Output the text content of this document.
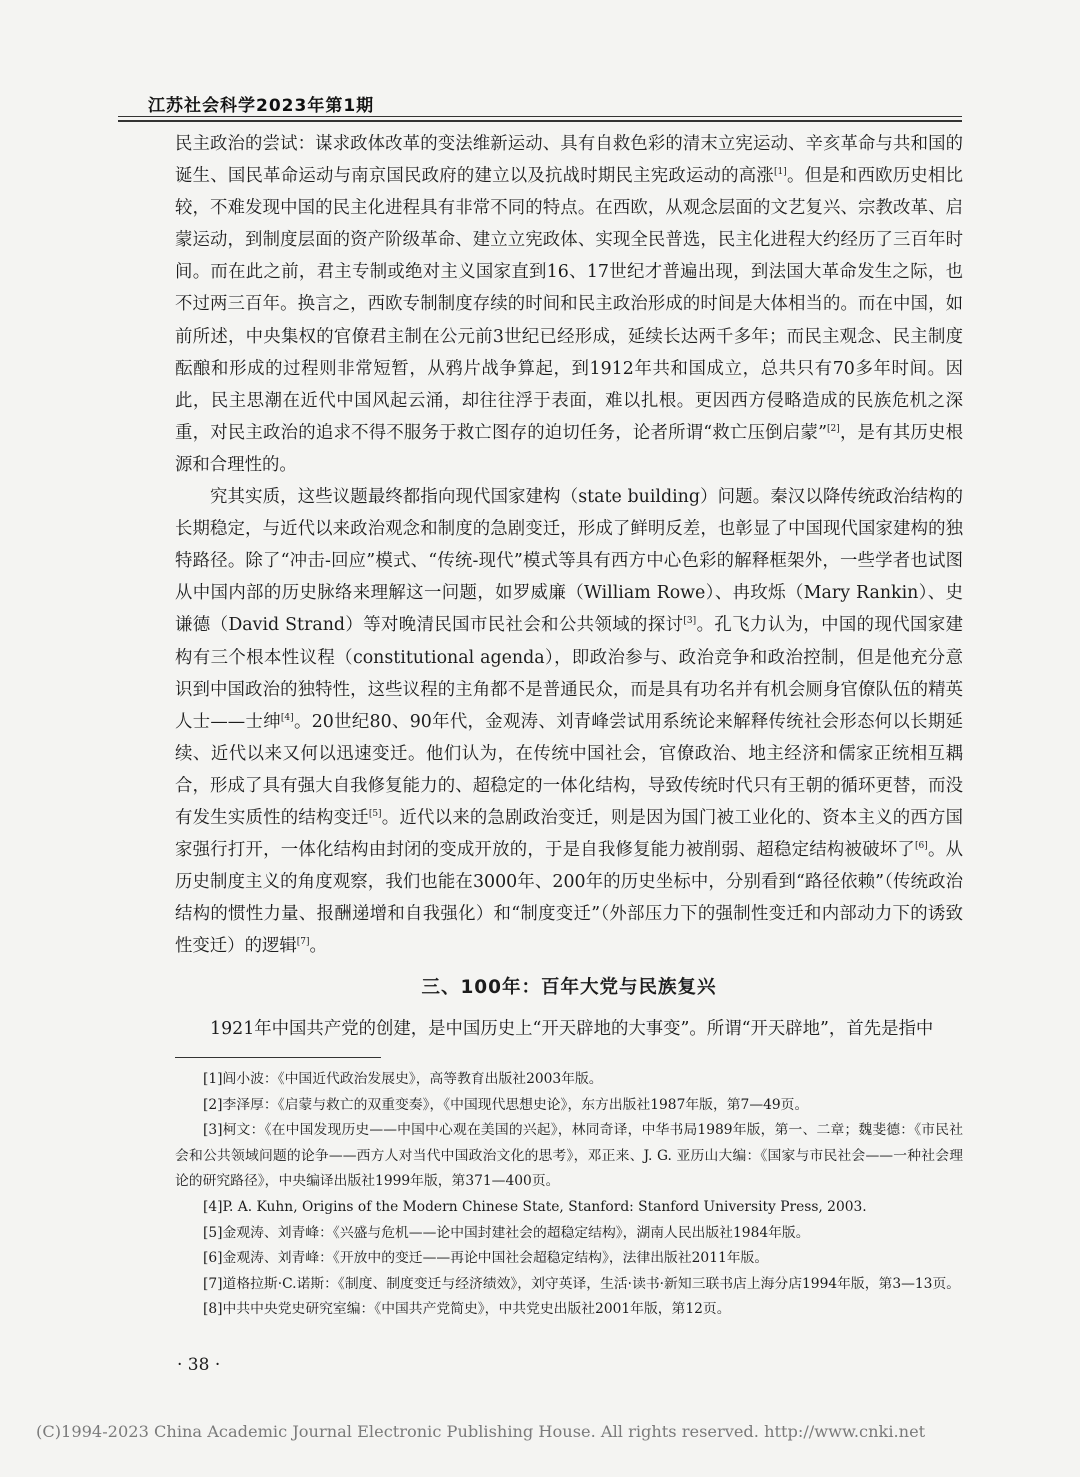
江苏社会科学2023年第1期

民主政治的尝试：谋求政体改革的变法维新运动、具有自救色彩的清末立宪运动、辛亥革命与共和国的诞生、国民革命运动与南京国民政府的建立以及抗战时期民主宪政运动的高涨[1]。但是和西欧历史相比较，不难发现中国的民主化进程具有非常不同的特点。在西欧，从观念层面的文艺复兴、宗教改革、启蒙运动，到制度层面的资产阶级革命、建立立宪政体、实现全民普选，民主化进程大约经历了三百年时间。而在此之前，君主专制或绝对主义国家直到16、17世纪才普遍出现，到法国大革命发生之际，也不过两三百年。换言之，西欧专制制度存续的时间和民主政治形成的时间是大体相当的。而在中国，如前所述，中央集权的官僚君主制在公元前3世纪已经形成，延续长达两千多年；而民主观念、民主制度酝酿和形成的过程则非常短暂，从鸦片战争算起，到1912年共和国成立，总共只有70多年时间。因此，民主思潮在近代中国风起云涌，却往往浮于表面，难以扎根。更因西方侵略造成的民族危机之深重，对民主政治的追求不得不服务于救亡图存的迫切任务，论者所谓“救亡压倒启蒙”[2]，是有其历史根源和合理性的。

究其实质，这些议题最终都指向现代国家建构（state building）问题。秦汉以降传统政治结构的长期稳定，与近代以来政治观念和制度的急剧变迁，形成了鲜明反差，也彰显了中国现代国家建构的独特路径。除了“冲击-回应”模式、“传统-现代”模式等具有西方中心色彩的解释框架外，一些学者也试图从中国内部的历史脉络来理解这一问题，如罗威廉（William Rowe）、冉玫烁（Mary Rankin）、史谦德（David Strand）等对晚清民国市民社会和公共领域的探讨[3]。孔飞力认为，中国的现代国家建构有三个根本性议程（constitutional agenda），即政治参与、政治竞争和政治控制，但是他充分意识到中国政治的独特性，这些议程的主角都不是普通民众，而是具有功名并有机会厕身官僚队伍的精英人士——士绅[4]。20世纪80、90年代，金观涛、刘青峰尝试用系统论来解释传统社会形态何以长期延续、近代以来又何以迅速变迁。他们认为，在传统中国社会，官僚政治、地主经济和儒家正统相互耦合，形成了具有强大自我修复能力的、超稳定的一体化结构，导致传统时代只有王朝的循环更替，而没有发生实质性的结构变迁[5]。近代以来的急剧政治变迁，则是因为国门被工业化的、资本主义的西方国家强行打开，一体化结构由封闭的变成开放的，于是自我修复能力被削弱、超稳定结构被破坏了[6]。从历史制度主义的角度观察，我们也能在3000年、200年的历史坐标中，分别看到“路径依赖”（传统政治结构的惯性力量、报酬递增和自我强化）和“制度变迁”（外部压力下的强制性变迁和内部动力下的诱致性变迁）的逻辑[7]。

三、100年：百年大党与民族复兴

1921年中国共产党的创建，是中国历史上“开天辟地的大事变”。所谓“开天辟地”，首先是指中

[1]闾小波：《中国近代政治发展史》，高等教育出版社2003年版。

[2]李泽厚：《启蒙与救亡的双重变奏》，《中国现代思想史论》，东方出版社1987年版，第7—49页。

[3]柯文：《在中国发现历史——中国中心观在美国的兴起》，林同奇译，中华书局1989年版，第一、二章；魏斐德：《市民社会和公共领域问题的论争——西方人对当代中国政治文化的思考》，邓正来、J. G. 亚历山大编：《国家与市民社会——一种社会理论的研究路径》，中央编译出版社1999年版，第371—400页。

[4]P. A. Kuhn, Origins of the Modern Chinese State, Stanford: Stanford University Press, 2003.

[5]金观涛、刘青峰：《兴盛与危机——论中国封建社会的超稳定结构》，湖南人民出版社1984年版。

[6]金观涛、刘青峰：《开放中的变迁——再论中国社会超稳定结构》，法律出版社2011年版。

[7]道格拉斯·C.诺斯：《制度、制度变迁与经济绩效》，刘守英译，生活·读书·新知三联书店上海分店1994年版，第3—13页。

[8]中共中央党史研究室编：《中国共产党简史》，中共党史出版社2001年版，第12页。

· 38 ·
(C)1994-2023 China Academic Journal Electronic Publishing House. All rights reserved. http://www.cnki.net
